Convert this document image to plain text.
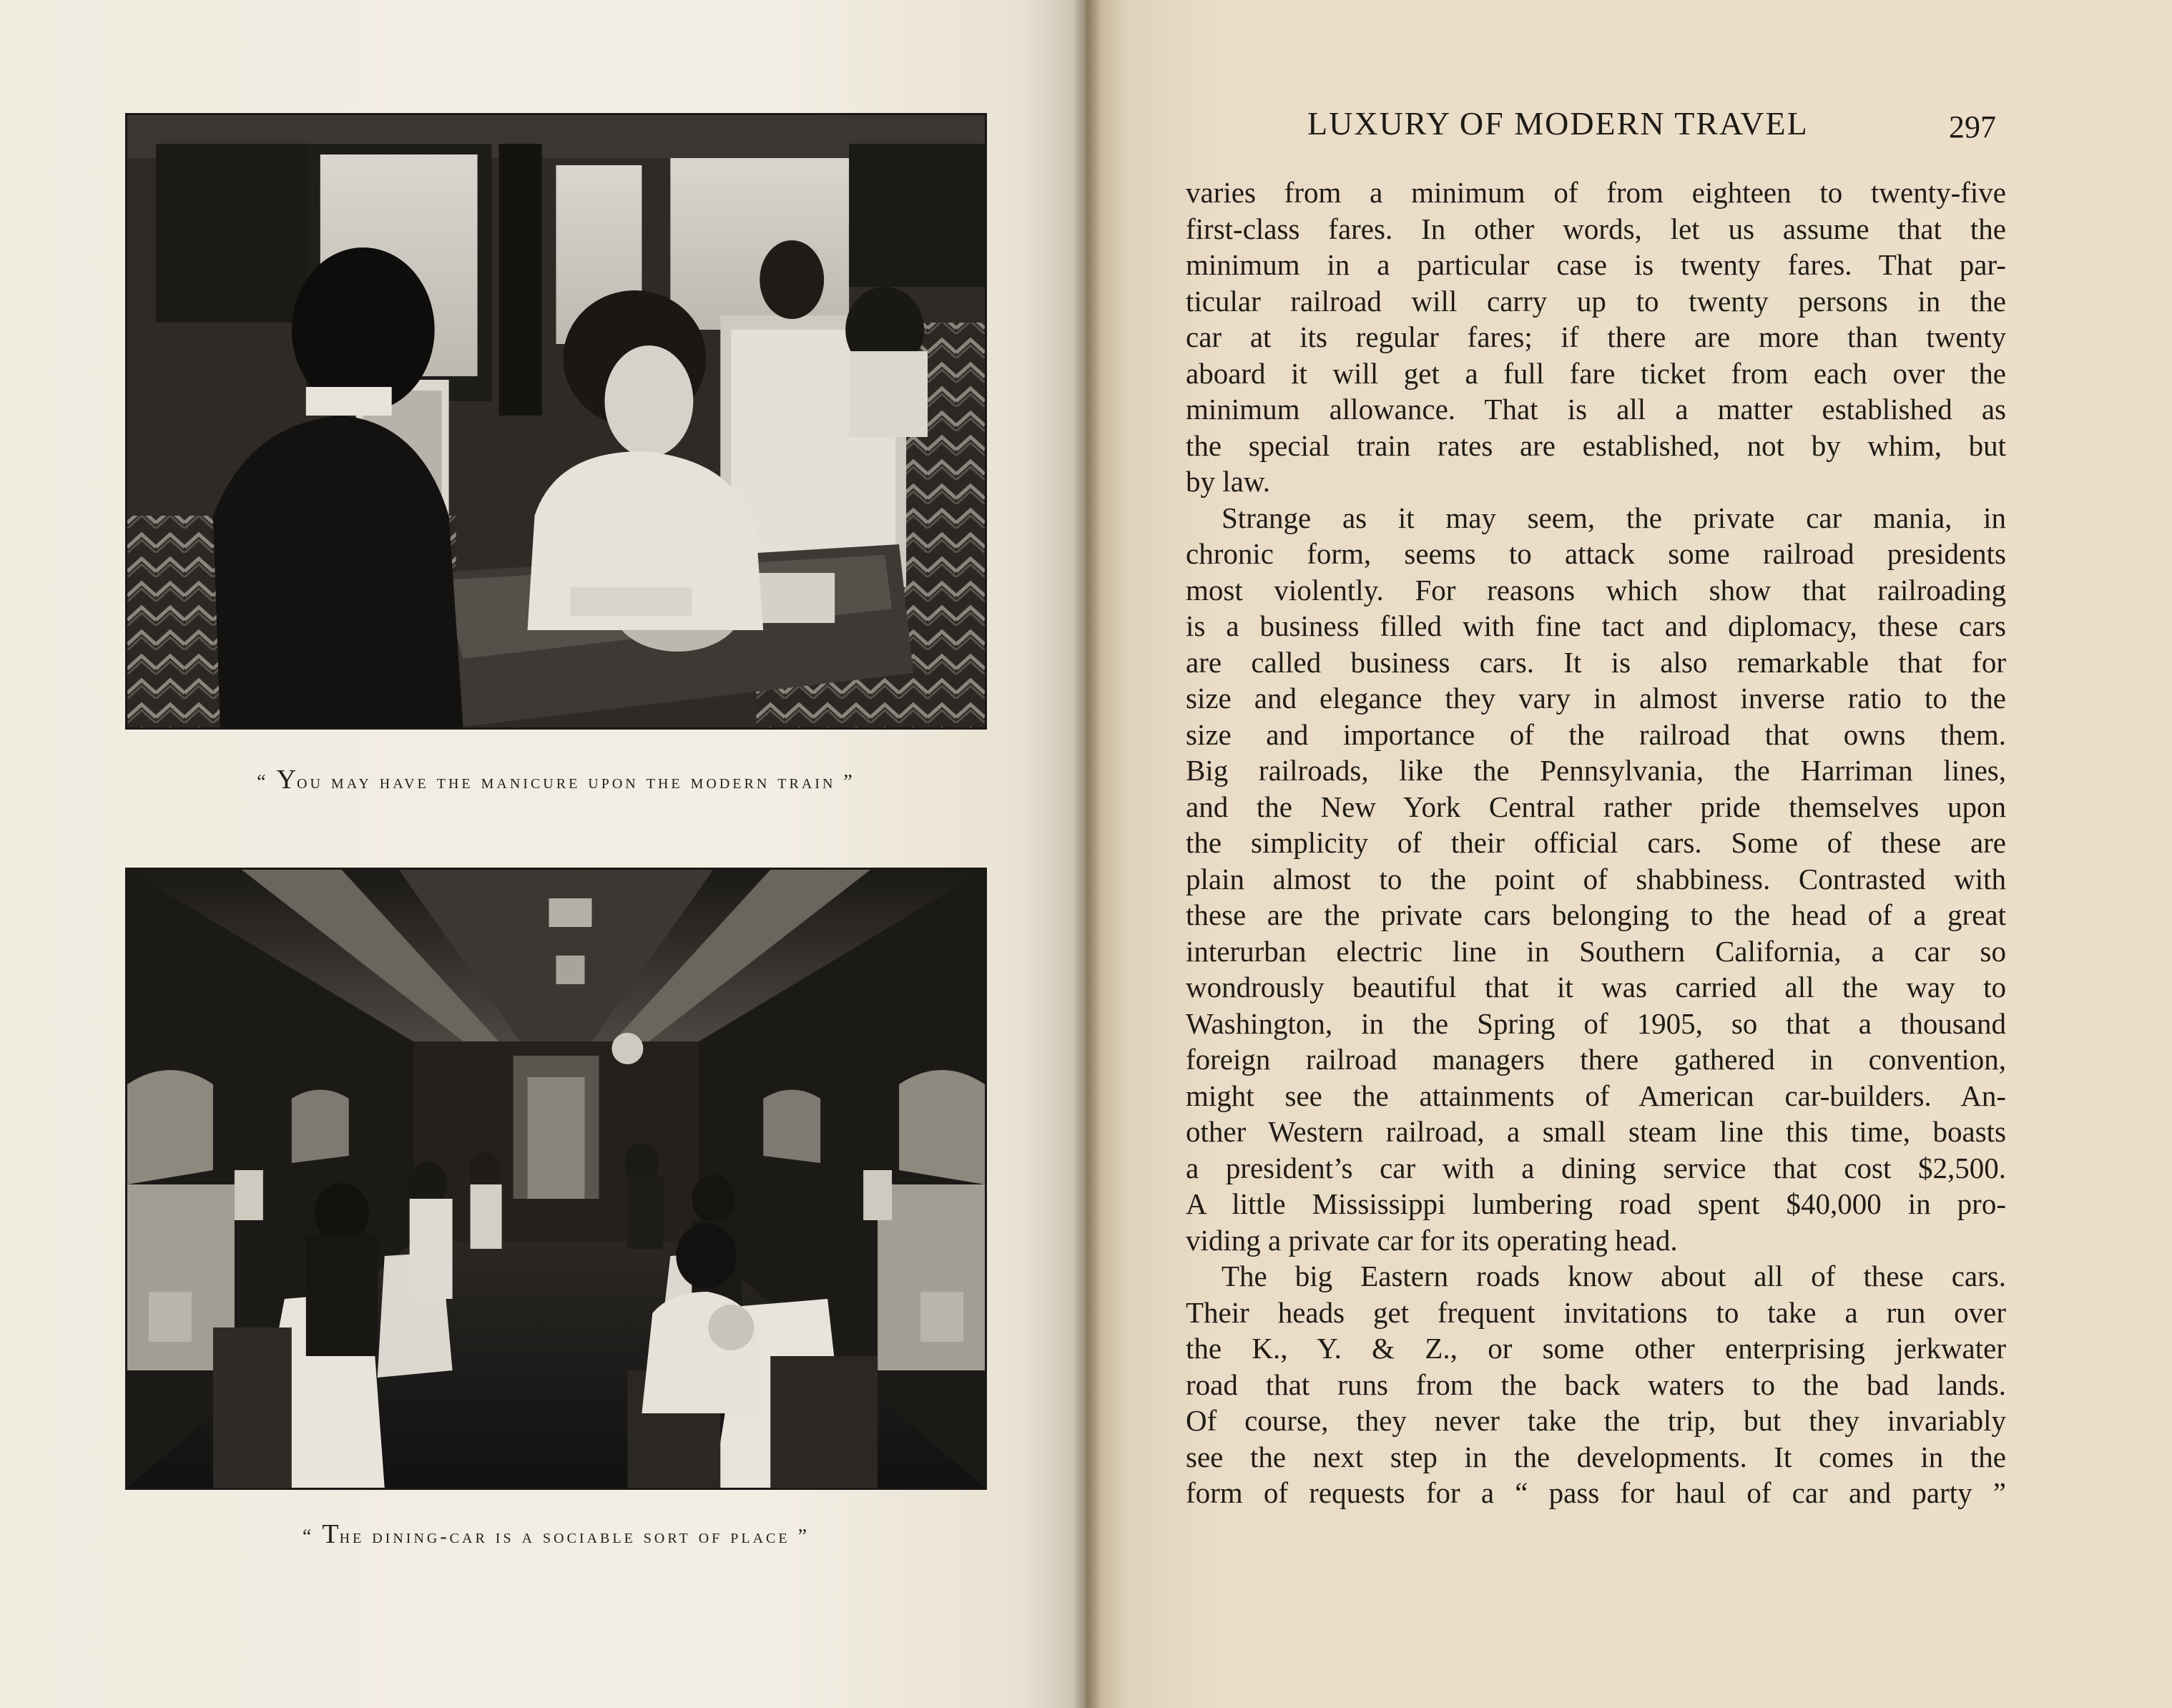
“ You may have the manicure upon the modern train ”
“ The dining-car is a sociable sort of place ”
LUXURY OF MODERN TRAVEL	297

varies from a minimum of from eighteen to twenty-five
first-class fares. In other words, let us assume that the
minimum in a particular case is twenty fares. That par-
ticular railroad will carry up to twenty persons in the
car at its regular fares; if there are more than twenty
aboard it will get a full fare ticket from each over the
minimum allowance. That is all a matter established as
the special train rates are established, not by whim, but
by law.

Strange as it may seem, the private car mania, in
chronic form, seems to attack some railroad presidents
most violently. For reasons which show that railroading
is a business filled with fine tact and diplomacy, these cars
are called business cars. It is also remarkable that for
size and elegance they vary in almost inverse ratio to the
size and importance of the railroad that owns them.
Big railroads, like the Pennsylvania, the Harriman lines,
and the New York Central rather pride themselves upon
the simplicity of their official cars. Some of these are
plain almost to the point of shabbiness. Contrasted with
these are the private cars belonging to the head of a great
interurban electric line in Southern California, a car so
wondrously beautiful that it was carried all the way to
Washington, in the Spring of 1905, so that a thousand
foreign railroad managers there gathered in convention,
might see the attainments of American car-builders. An-
other Western railroad, a small steam line this time, boasts
a president’s car with a dining service that cost $2,500.
A little Mississippi lumbering road spent $40,000 in pro-
viding a private car for its operating head.

The big Eastern roads know about all of these cars.
Their heads get frequent invitations to take a run over
the K., Y. & Z., or some other enterprising jerkwater
road that runs from the back waters to the bad lands.
Of course, they never take the trip, but they invariably
see the next step in the developments. It comes in the
form of requests for a “ pass for haul of car and party ”
